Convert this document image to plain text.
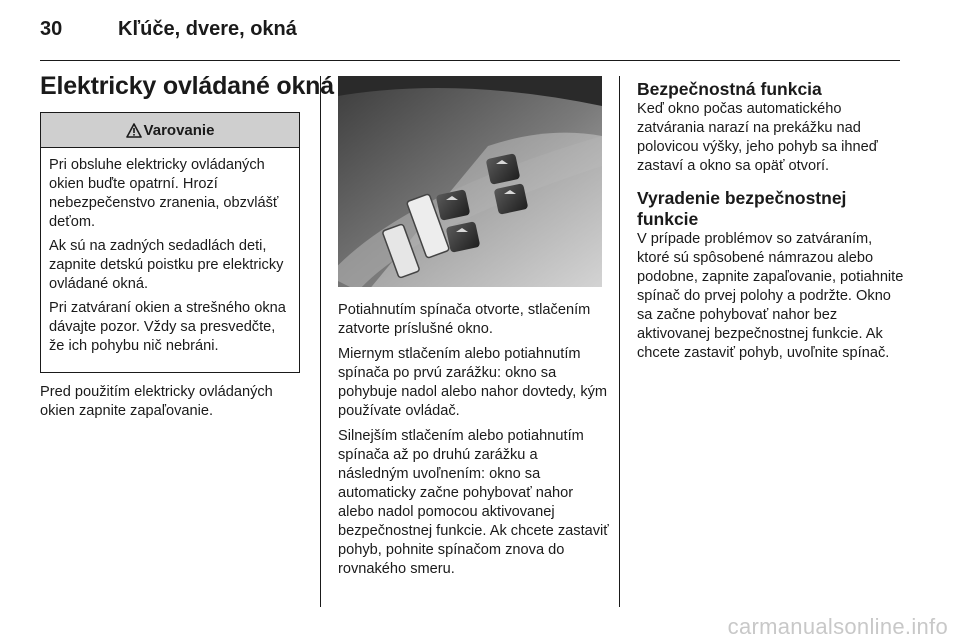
30	Kľúče, dvere, okná
Elektricky ovládané okná
Varovanie

Pri obsluhe elektricky ovládaných okien buďte opatrní. Hrozí nebezpečenstvo zranenia, obzvlášť deťom.

Ak sú na zadných sedadlách deti, zapnite detskú poistku pre elektricky ovládané okná.

Pri zatváraní okien a strešného okna dávajte pozor. Vždy sa presvedčte, že ich pohybu nič nebráni.

Pred použitím elektricky ovládaných okien zapnite zapaľovanie.

Potiahnutím spínača otvorte, stlačením zatvorte príslušné okno.

Miernym stlačením alebo potiahnutím spínača po prvú zarážku: okno sa pohybuje nadol alebo nahor dovtedy, kým používate ovládač.

Silnejším stlačením alebo potiahnutím spínača až po druhú zarážku a následným uvoľnením: okno sa automaticky začne pohybovať nahor alebo nadol pomocou aktivovanej bezpečnostnej funkcie. Ak chcete zastaviť pohyb, pohnite spínačom znova do rovnakého smeru.

Bezpečnostná funkcia

Keď okno počas automatického zatvárania narazí na prekážku nad polovicou výšky, jeho pohyb sa ihneď zastaví a okno sa opäť otvorí.

Vyradenie bezpečnostnej funkcie

V prípade problémov so zatváraním, ktoré sú spôsobené námrazou alebo podobne, zapnite zapaľovanie, potiahnite spínač do prvej polohy a podržte. Okno sa začne pohybovať nahor bez aktivovanej bezpečnostnej funkcie. Ak chcete zastaviť pohyb, uvoľnite spínač.

carmanualsonline.info
